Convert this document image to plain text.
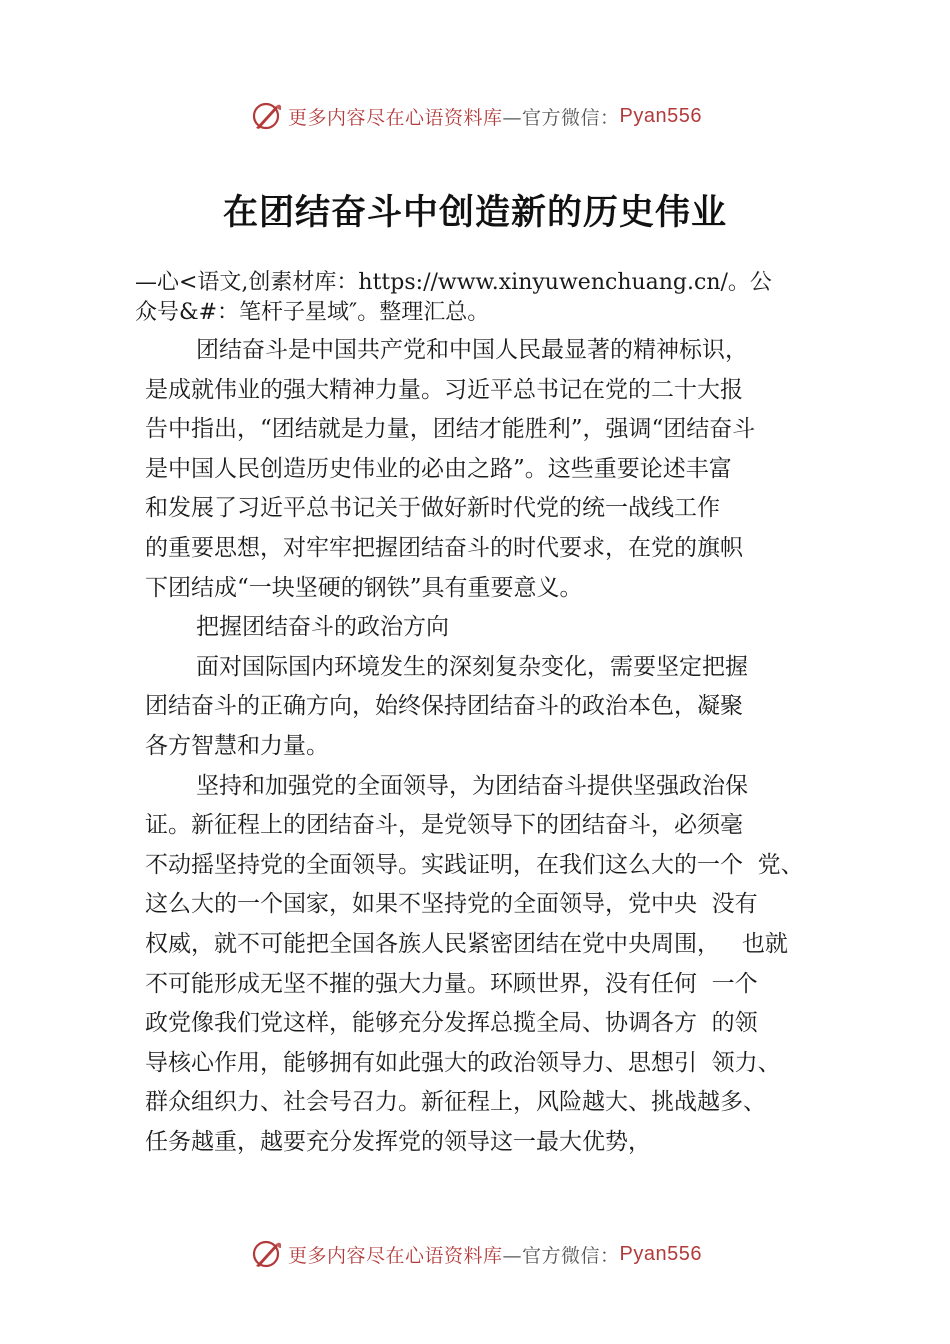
更多内容尽在心语资料库 —官方微信： Pyan556
在团结奋斗中创造新的历史伟业
—心<语文,创素材库：https://www.xinyuwenchuang.cn/。公
众号&#：笔杆子星域″。整理汇总。
团结奋斗是中国共产党和中国人民最显著的精神标识，
是成就伟业的强大精神力量。习近平总书记在党的二十大报
告中指出，“团结就是力量，团结才能胜利”，强调“团结奋斗
是中国人民创造历史伟业的必由之路”。这些重要论述丰富
和发展了习近平总书记关于做好新时代党的统一战线工作
的重要思想，对牢牢把握团结奋斗的时代要求，在党的旗帜
下团结成“一块坚硬的钢铁”具有重要意义。
把握团结奋斗的政治方向
面对国际国内环境发生的深刻复杂变化，需要坚定把握
团结奋斗的正确方向，始终保持团结奋斗的政治本色，凝聚
各方智慧和力量。
坚持和加强党的全面领导，为团结奋斗提供坚强政治保
证。新征程上的团结奋斗，是党领导下的团结奋斗，必须毫
不动摇坚持党的全面领导。实践证明，在我们这么大的一个  党、
这么大的一个国家，如果不坚持党的全面领导，党中央  没有
权威，就不可能把全国各族人民紧密团结在党中央周围，   也就
不可能形成无坚不摧的强大力量。环顾世界，没有任何  一个
政党像我们党这样，能够充分发挥总揽全局、协调各方  的领
导核心作用，能够拥有如此强大的政治领导力、思想引  领力、
群众组织力、社会号召力。新征程上，风险越大、挑战越多、
任务越重，越要充分发挥党的领导这一最大优势，
更多内容尽在心语资料库 —官方微信： Pyan556
